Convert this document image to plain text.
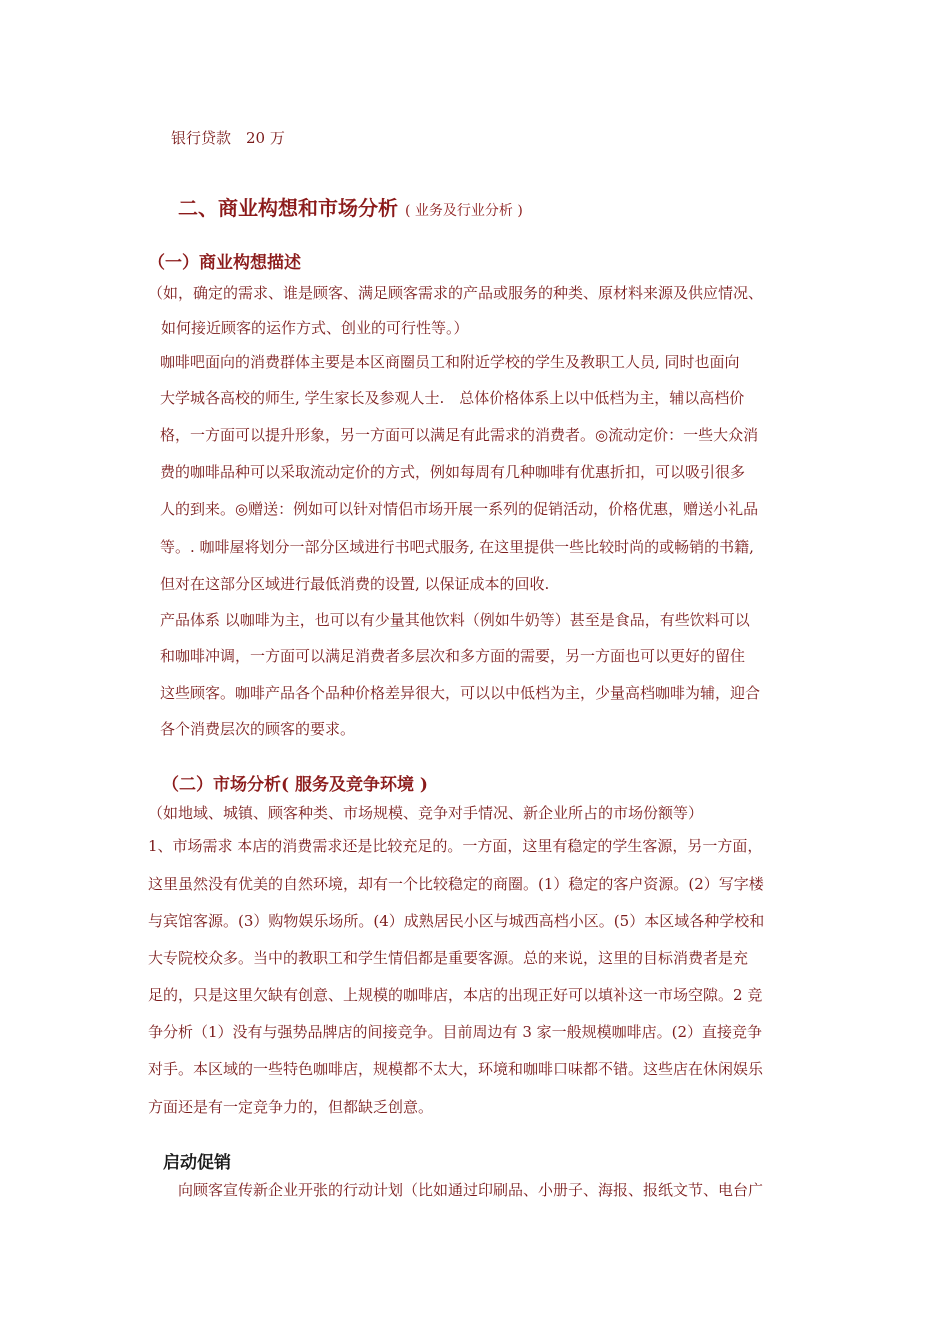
银行贷款　20 万
二、商业构想和市场分析 ( 业务及行业分析 )
（一）商业构想描述
（如，确定的需求、谁是顾客、满足顾客需求的产品或服务的种类、原材料来源及供应情况、
如何接近顾客的运作方式、创业的可行性等。）
咖啡吧面向的消费群体主要是本区商圈员工和附近学校的学生及教职工人员, 同时也面向
大学城各高校的师生, 学生家长及参观人士.　总体价格体系上以中低档为主，辅以高档价
格，一方面可以提升形象，另一方面可以满足有此需求的消费者。◎流动定价：一些大众消
费的咖啡品种可以采取流动定价的方式，例如每周有几种咖啡有优惠折扣，可以吸引很多
人的到来。◎赠送：例如可以针对情侣市场开展一系列的促销活动，价格优惠，赠送小礼品
等。. 咖啡屋将划分一部分区域进行书吧式服务, 在这里提供一些比较时尚的或畅销的书籍,
但对在这部分区域进行最低消费的设置, 以保证成本的回收.
产品体系 以咖啡为主，也可以有少量其他饮料（例如牛奶等）甚至是食品，有些饮料可以
和咖啡冲调，一方面可以满足消费者多层次和多方面的需要，另一方面也可以更好的留住
这些顾客。咖啡产品各个品种价格差异很大，可以以中低档为主，少量高档咖啡为辅，迎合
各个消费层次的顾客的要求。
（二）市场分析( 服务及竞争环境 )
（如地域、城镇、顾客种类、市场规模、竞争对手情况、新企业所占的市场份额等）
1、市场需求 本店的消费需求还是比较充足的。一方面，这里有稳定的学生客源，另一方面，
这里虽然没有优美的自然环境，却有一个比较稳定的商圈。(1）稳定的客户资源。(2）写字楼
与宾馆客源。(3）购物娱乐场所。(4）成熟居民小区与城西高档小区。(5）本区域各种学校和
大专院校众多。当中的教职工和学生情侣都是重要客源。总的来说，这里的目标消费者是充
足的，只是这里欠缺有创意、上规模的咖啡店，本店的出现正好可以填补这一市场空隙。2 竞
争分析（1）没有与强势品牌店的间接竞争。目前周边有 3 家一般规模咖啡店。(2）直接竞争
对手。本区域的一些特色咖啡店，规模都不太大，环境和咖啡口味都不错。这些店在休闲娱乐
方面还是有一定竞争力的，但都缺乏创意。
启动促销
向顾客宣传新企业开张的行动计划（比如通过印刷品、小册子、海报、报纸文节、电台广
